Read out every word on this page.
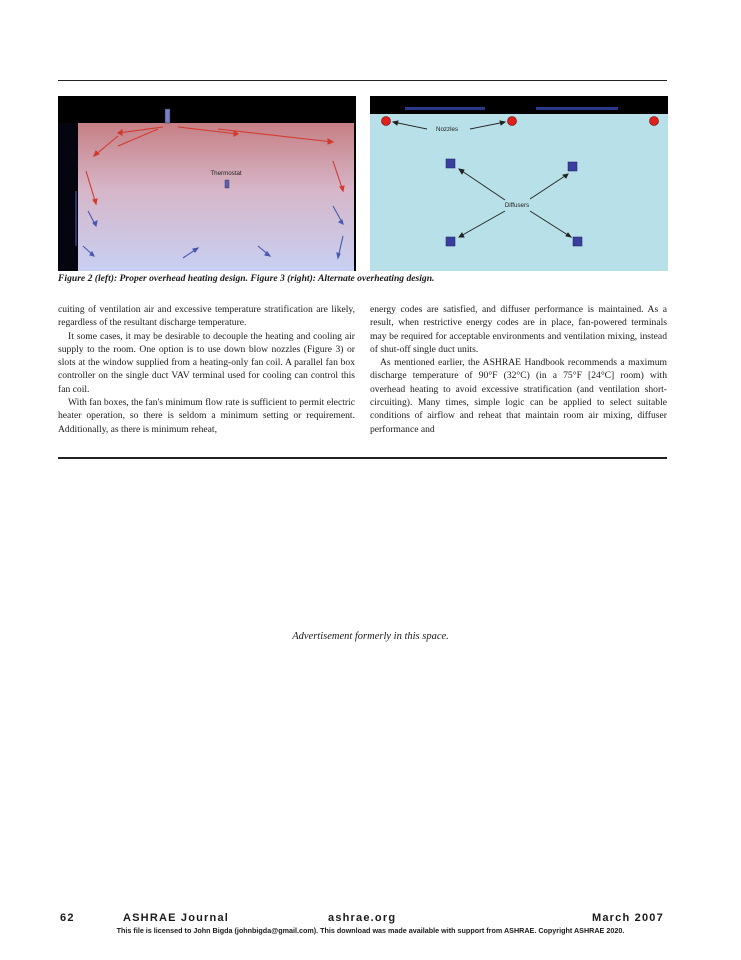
Thermostat
Nozzles
Diffusers
Figure 2 (left): Proper overhead heating design. Figure 3 (right): Alternate overheating design.

cuiting of ventilation air and excessive temperature stratification are likely, regardless of the resultant discharge temperature.

It some cases, it may be desirable to decouple the heating and cooling air supply to the room. One option is to use down blow nozzles (Figure 3) or slots at the window supplied from a heating-only fan coil. A parallel fan box controller on the single duct VAV terminal used for cooling can control this fan coil.

With fan boxes, the fan's minimum flow rate is sufficient to permit electric heater operation, so there is seldom a minimum setting or requirement. Additionally, as there is minimum reheat,

energy codes are satisfied, and diffuser performance is maintained. As a result, when restrictive energy codes are in place, fan-powered terminals may be required for acceptable environments and ventilation mixing, instead of shut-off single duct units.

As mentioned earlier, the ASHRAE Handbook recommends a maximum discharge temperature of 90°F (32°C) (in a 75°F [24°C] room) with overhead heating to avoid excessive stratification (and ventilation short-circuiting). Many times, simple logic can be applied to select suitable conditions of airflow and reheat that maintain room air mixing, diffuser performance and

Advertisement formerly in this space.
62	ASHRAE Journal	ashrae.org	March 2007
This file is licensed to John Bigda (johnbigda@gmail.com). This download was made available with support from ASHRAE. Copyright ASHRAE 2020.
